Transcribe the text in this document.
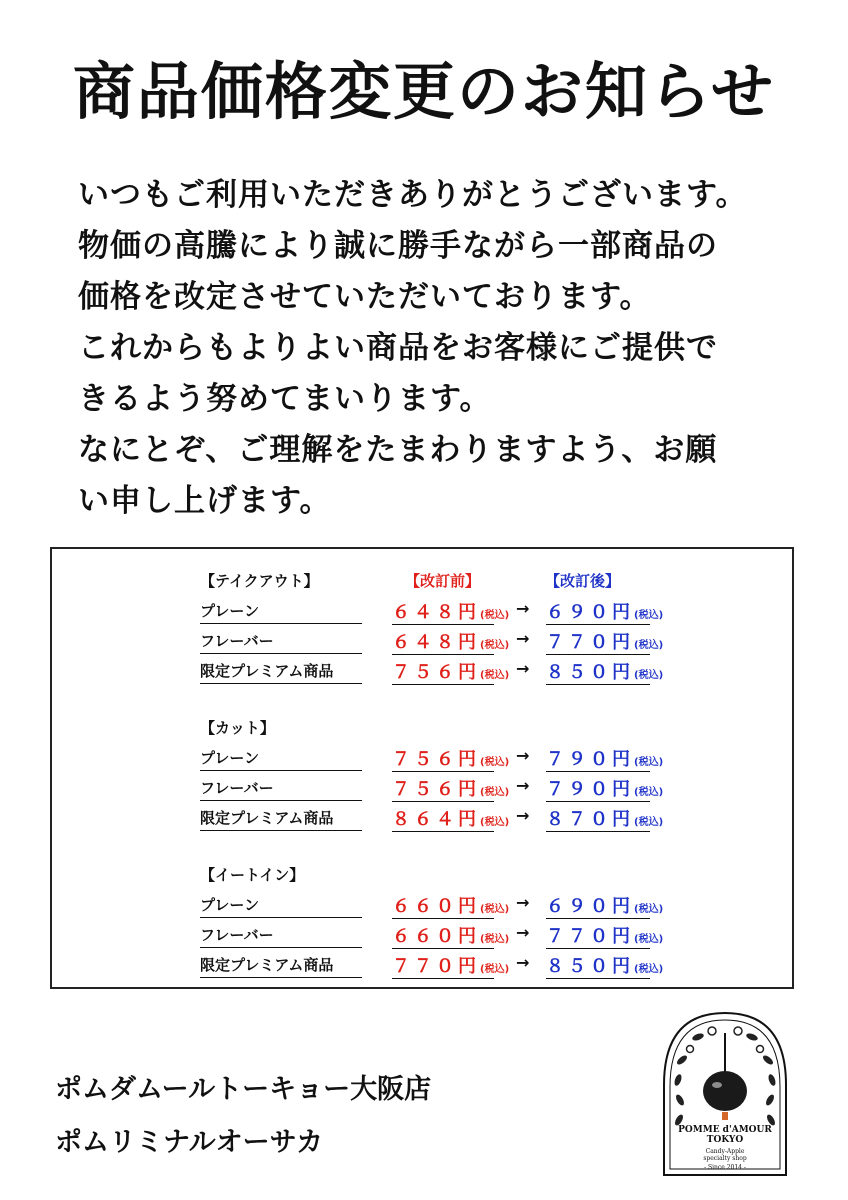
商品価格変更のお知らせ
いつもご利用いただきありがとうございます。
物価の高騰により誠に勝手ながら一部商品の
価格を改定させていただいております。
これからもよりよい商品をお客様にご提供で
きるよう努めてまいります。
なにとぞ、ご理解をたまわりますよう、お願
い申し上げます。
【テイクアウト】	【改訂前】	【改訂後】
プレーン	６４８円(税込) → ６９０円(税込)
フレーバー	６４８円(税込) → ７７０円(税込)
限定プレミアム商品	７５６円(税込) → ８５０円(税込)
【カット】
プレーン	７５６円(税込) → ７９０円(税込)
フレーバー	７５６円(税込) → ７９０円(税込)
限定プレミアム商品	８６４円(税込) → ８７０円(税込)
【イートイン】
プレーン	６６０円(税込) → ６９０円(税込)
フレーバー	６６０円(税込) → ７７０円(税込)
限定プレミアム商品	７７０円(税込) → ８５０円(税込)
ポムダムールトーキョー大阪店
ポムリミナルオーサカ	POMME d'AMOUR
TOKYO
Candy-Apple
specialty shop
- Since 2014 -
